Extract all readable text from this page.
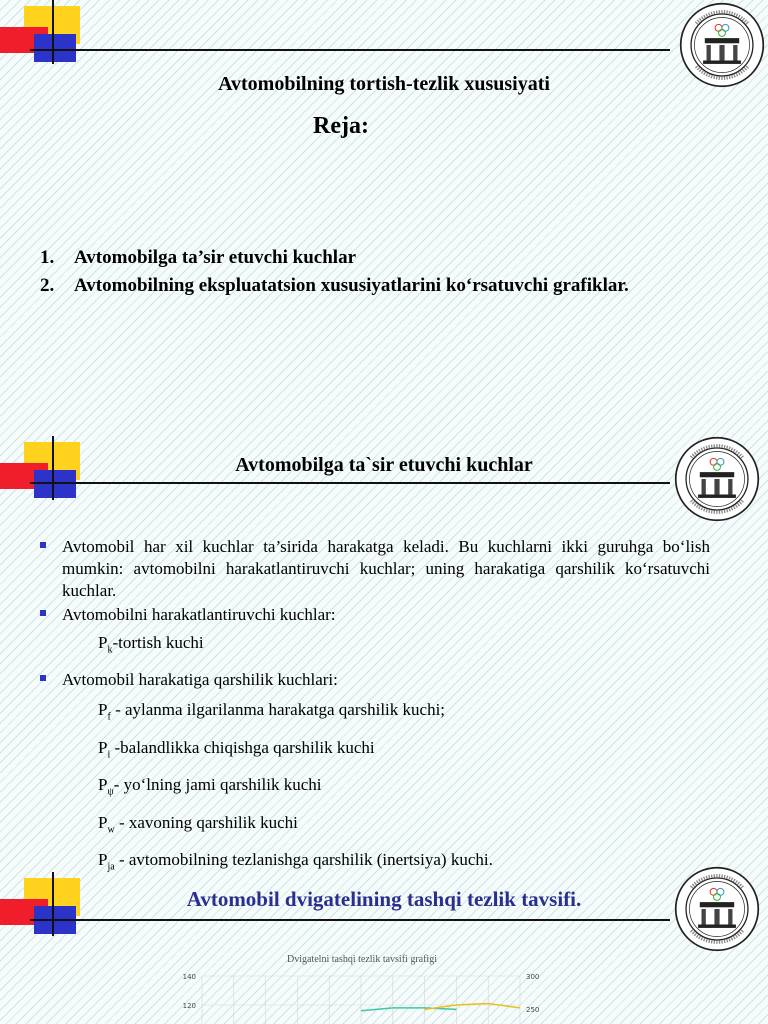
Avtomobilning tortish-tezlik xususiyati
Reja:
1. Avtomobilga ta’sir etuvchi kuchlar
2. Avtomobilning ekspluatatsion xususiyatlarini ko‘rsatuvchi grafiklar.
Avtomobilga ta`sir etuvchi kuchlar
Avtomobil har xil kuchlar ta’sirida harakatga keladi. Bu kuchlarni ikki guruhga bo‘lish mumkin: avtomobilni harakatlantiruvchi kuchlar; uning harakatiga qarshilik ko‘rsatuvchi kuchlar.
Avtomobilni harakatlantiruvchi kuchlar:
$P_k$-tortish kuchi
Avtomobil harakatiga qarshilik kuchlari:
$P_f$ - aylanma ilgarilanma harakatga qarshilik kuchi;
$P_i$ -balandlikka chiqishga qarshilik kuchi
$P_\psi-$ yo‘lning jami qarshilik kuchi
$P_w$ - xavoning qarshilik kuchi
$P_{ja}$ - avtomobilning tezlanishga qarshilik (inertsiya) kuchi.
Avtomobil dvigatelining tashqi tezlik tavsifi.
Dvigatelni tashqi tezlik tavsifi grafigi
140
120
300
250
